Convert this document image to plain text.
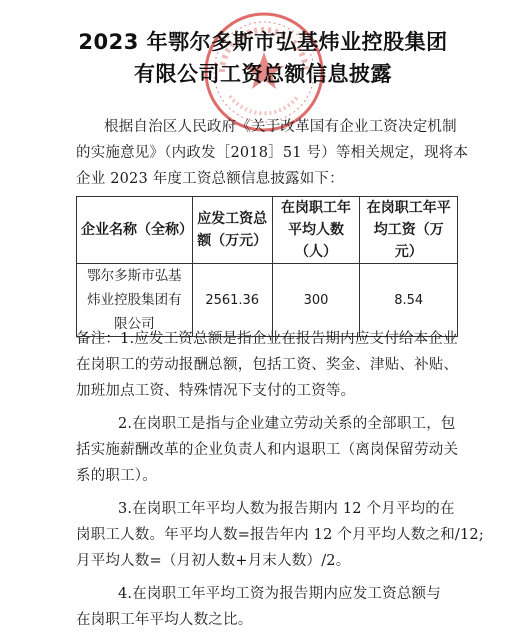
2023 年鄂尔多斯市弘基炜业控股集团
有限公司工资总额信息披露
根据自治区人民政府《关于改革国有企业工资决定机制
的实施意见》（内政发［2018］51 号）等相关规定，现将本
企业 2023 年度工资总额信息披露如下：
企业名称（全称）	应发工资总额（万元）	在岗职工年平均人数（人）	在岗职工年平均工资（万元）
鄂尔多斯市弘基炜业控股集团有限公司	2561.36	300	8.54
备注：1.应发工资总额是指企业在报告期内应支付给本企业
在岗职工的劳动报酬总额，包括工资、奖金、津贴、补贴、
加班加点工资、特殊情况下支付的工资等。
2.在岗职工是指与企业建立劳动关系的全部职工，包
括实施薪酬改革的企业负责人和内退职工（离岗保留劳动关
系的职工）。
3.在岗职工年平均人数为报告期内 12 个月平均的在
岗职工人数。年平均人数=报告年内 12 个月平均人数之和/12;
月平均人数=（月初人数+月末人数）/2。
4.在岗职工年平均工资为报告期内应发工资总额与
在岗职工年平均人数之比。
